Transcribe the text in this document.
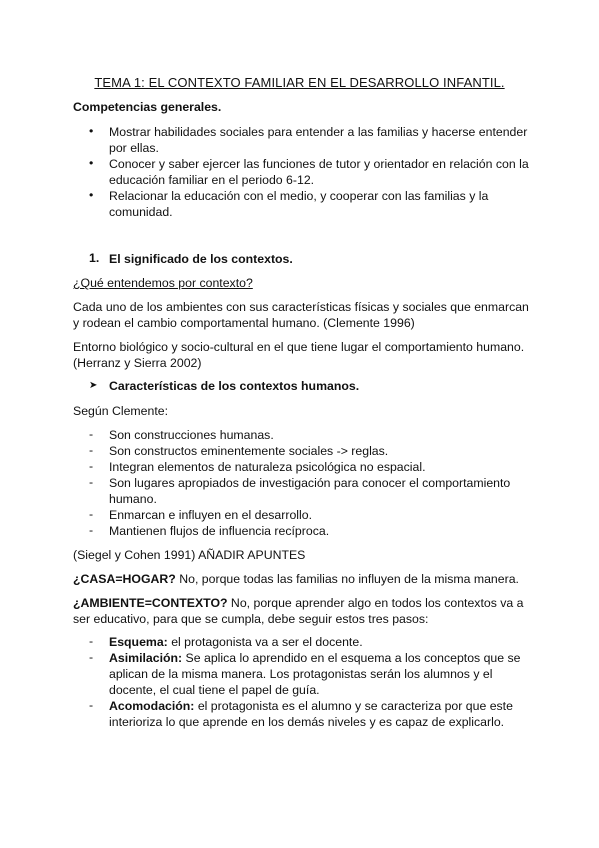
TEMA 1: EL CONTEXTO FAMILIAR EN EL DESARROLLO INFANTIL.
Competencias generales.
• Mostrar habilidades sociales para entender a las familias y hacerse entender por ellas.
• Conocer y saber ejercer las funciones de tutor y orientador en relación con la educación familiar en el periodo 6-12.
• Relacionar la educación con el medio, y cooperar con las familias y la comunidad.
1. El significado de los contextos.
¿Qué entendemos por contexto?
Cada uno de los ambientes con sus características físicas y sociales que enmarcan y rodean el cambio comportamental humano. (Clemente 1996)
Entorno biológico y socio-cultural en el que tiene lugar el comportamiento humano. (Herranz y Sierra 2002)
➤ Características de los contextos humanos.
Según Clemente:
- Son construcciones humanas.
- Son constructos eminentemente sociales -> reglas.
- Integran elementos de naturaleza psicológica no espacial.
- Son lugares apropiados de investigación para conocer el comportamiento humano.
- Enmarcan e influyen en el desarrollo.
- Mantienen flujos de influencia recíproca.
(Siegel y Cohen 1991) AÑADIR APUNTES
¿CASA=HOGAR? No, porque todas las familias no influyen de la misma manera.
¿AMBIENTE=CONTEXTO? No, porque aprender algo en todos los contextos va a ser educativo, para que se cumpla, debe seguir estos tres pasos:
- Esquema: el protagonista va a ser el docente.
- Asimilación: Se aplica lo aprendido en el esquema a los conceptos que se aplican de la misma manera. Los protagonistas serán los alumnos y el docente, el cual tiene el papel de guía.
- Acomodación: el protagonista es el alumno y se caracteriza por que este interioriza lo que aprende en los demás niveles y es capaz de explicarlo.
